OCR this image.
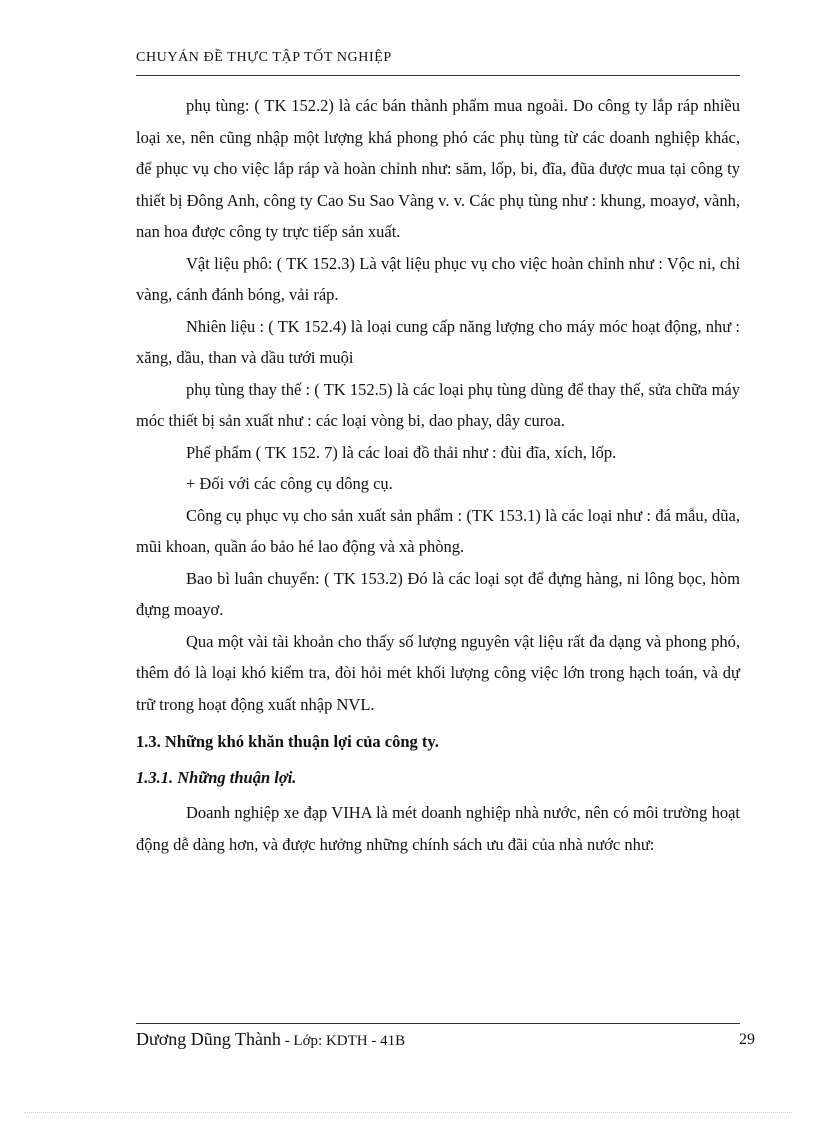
CHUYÁN ĐỀ THỰC TẬP TỐT NGHIỆP

phụ tùng: ( TK 152.2) là các bán thành phẩm mua ngoài. Do công ty lắp ráp nhiều loại xe, nên cũng nhập một lượng khá phong phó các phụ tùng từ các doanh nghiệp khác, để phục vụ cho việc lắp ráp và hoàn chỉnh như: săm, lốp, bi, đĩa, đũa được mua tại công ty thiết bị Đông Anh, công ty Cao Su Sao Vàng v. v. Các phụ tùng như : khung, moayơ, vành, nan hoa được công ty trực tiếp sản xuất.

Vật liệu phô: ( TK 152.3) Là vật liệu phục vụ cho việc hoàn chỉnh như : Vộc ni, chỉ vàng, cánh đánh bóng, vải ráp.

Nhiên liệu : ( TK 152.4) là loại cung cấp năng lượng cho máy móc hoạt động, như : xăng, dầu, than và dầu tưới muội

phụ tùng thay thế : ( TK 152.5) là các loại phụ tùng dùng để thay thế, sửa chữa máy móc thiết bị sản xuất như : các loại vòng bi, dao phay, dây curoa.

Phế phẩm ( TK 152. 7) là các loai đồ thải như : đùi đĩa, xích, lốp.

+ Đối với các công cụ dông cụ.

Công cụ phục vụ cho sản xuất sản phẩm : (TK 153.1) là các loại như : đá mẫu, dũa, mũi khoan, quần áo bảo hé lao động và xà phòng.

Bao bì luân chuyển: ( TK 153.2) Đó là các loại sọt để đựng hàng, ni lông bọc, hòm đựng moayơ.

Qua một vài tài khoản cho thấy số lượng nguyên vật liệu rất đa dạng và phong phó, thêm đó là loại khó kiểm tra, đòi hỏi mét khối lượng công việc lớn trong hạch toán, và dự trữ trong hoạt động xuất nhập NVL.

1.3. Những khó khăn thuận lợi của công ty.

1.3.1. Những thuận lợi.

Doanh nghiệp xe đạp VIHA là mét doanh nghiệp nhà nước, nên có môi trường hoạt động dễ dàng hơn, và được hưởng những chính sách ưu đãi của nhà nước như:

Dương Dũng Thành - Lớp: KDTH - 41B	29
